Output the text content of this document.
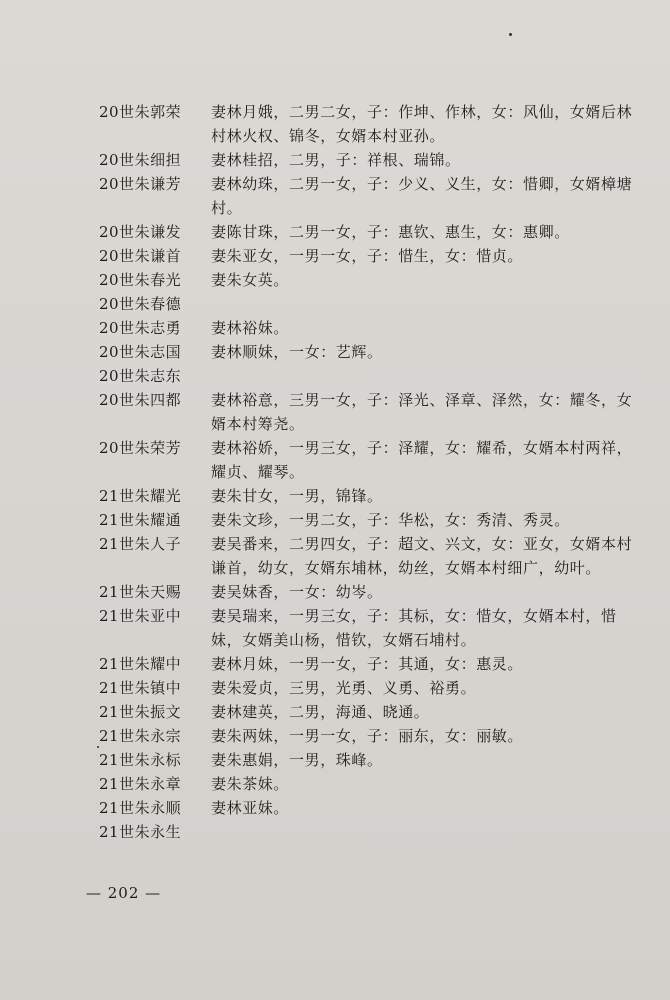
20世朱郭荣	妻林月娥，二男二女，子：作坤、作林，女：风仙，女婿后林村林火权、锦冬，女婿本村亚孙。
20世朱细担	妻林桂招，二男，子：祥根、瑞锦。
20世朱谦芳	妻林幼珠，二男一女，子：少义、义生，女：惜卿，女婿樟塘村。
20世朱谦发	妻陈甘珠，二男一女，子：惠钦、惠生，女：惠卿。
20世朱谦首	妻朱亚女，一男一女，子：惜生，女：惜贞。
20世朱春光	妻朱女英。
20世朱春德
20世朱志勇	妻林裕妹。
20世朱志国	妻林顺妹，一女：艺辉。
20世朱志东
20世朱四都	妻林裕意，三男一女，子：泽光、泽章、泽然，女：耀冬，女婿本村筹尧。
20世朱荣芳	妻林裕娇，一男三女，子：泽耀，女：耀希，女婿本村两祥，耀贞、耀琴。
21世朱耀光	妻朱甘女，一男，锦锋。
21世朱耀通	妻朱文珍，一男二女，子：华松，女：秀清、秀灵。
21世朱人子	妻吴番来，二男四女，子：超文、兴文，女：亚女，女婿本村谦首，幼女，女婿东埔林，幼丝，女婿本村细广，幼叶。
21世朱天赐	妻吴妹香，一女：幼岑。
21世朱亚中	妻吴瑞来，一男三女，子：其标，女：惜女，女婿本村，惜妹，女婿美山杨，惜钦，女婿石埔村。
21世朱耀中	妻林月妹，一男一女，子：其通，女：惠灵。
21世朱镇中	妻朱爱贞，三男，光勇、义勇、裕勇。
21世朱振文	妻林建英，二男，海通、晓通。
21世朱永宗	妻朱两妹，一男一女，子：丽东，女：丽敏。
21世朱永标	妻朱惠娟，一男，珠峰。
21世朱永章	妻朱茶妹。
21世朱永顺	妻林亚妹。
21世朱永生
— 202 —
